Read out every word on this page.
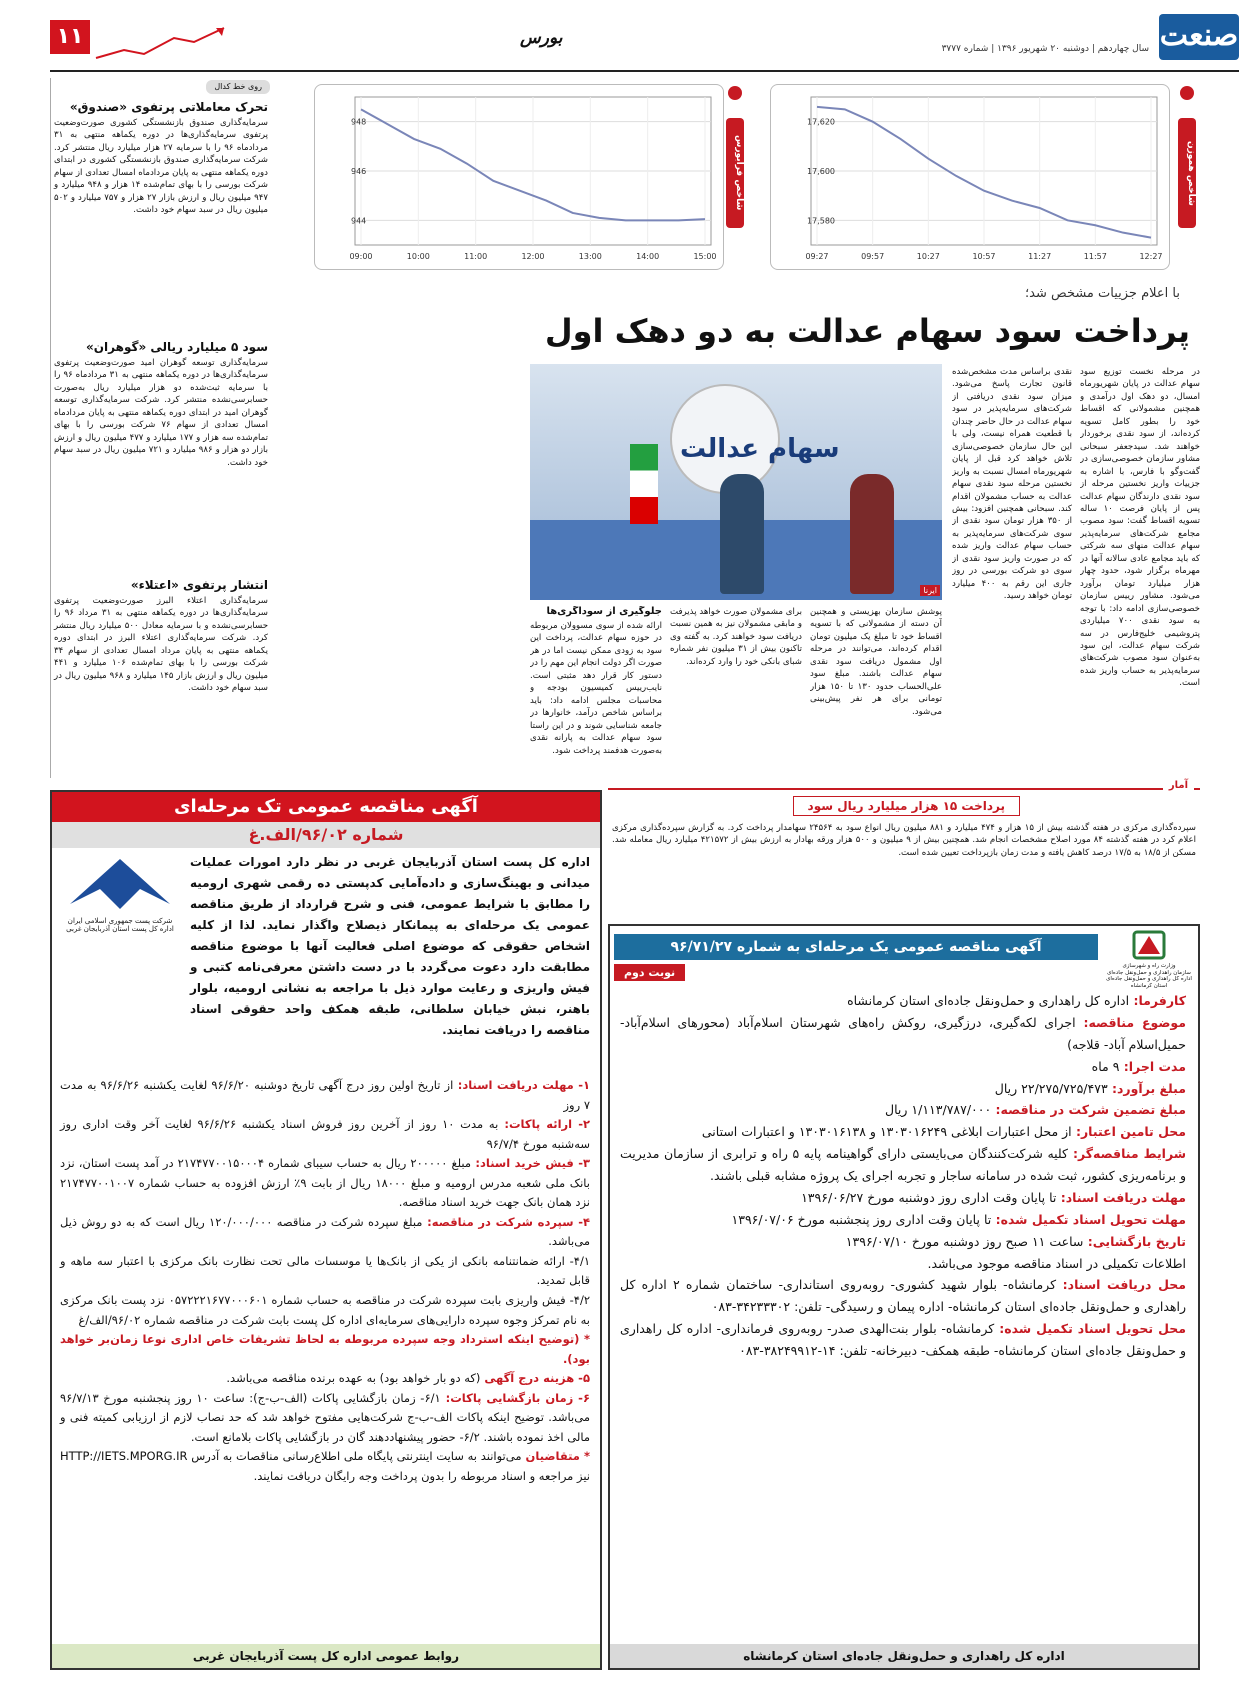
صنعت
سال چهاردهم | دوشنبه ۲۰ شهریور ۱۳۹۶ | شماره ۳۷۷۷
بورس
۱۱
948
946
944
09:00	10:00	11:00	12:00	13:00	14:00	15:00
شاخص فرابورس
17,620
17,600
17,580
09:27	09:57	10:27	10:57	11:27	11:57	12:27
شاخص هموزن
روی خط کدال
تحرک معاملاتی پرتفوی «صندوق»
سرمایه‌گذاری صندوق بازنشستگی کشوری صورت‌وضعیت پرتفوی سرمایه‌گذاری‌ها در دوره یکماهه منتهی به ۳۱ مردادماه ۹۶ را با سرمایه ۲۷ هزار میلیارد ریال منتشر کرد. شرکت سرمایه‌گذاری صندوق بازنشستگی کشوری در ابتدای دوره یکماهه منتهی به پایان مردادماه امسال تعدادی از سهام شرکت بورسی را با بهای تمام‌شده ۱۴ هزار و ۹۴۸ میلیارد و ۹۴۷ میلیون ریال و ارزش بازار ۲۷ هزار و ۷۵۷ میلیارد و ۵۰۲ میلیون ریال در سبد سهام خود داشت.
سود ۵ میلیارد ریالی «گوهران»
سرمایه‌گذاری توسعه گوهران امید صورت‌وضعیت پرتفوی سرمایه‌گذاری‌ها در دوره یکماهه منتهی به ۳۱ مردادماه ۹۶ را با سرمایه ثبت‌شده دو هزار میلیارد ریال به‌صورت حسابرسی‌نشده منتشر کرد. شرکت سرمایه‌گذاری توسعه گوهران امید در ابتدای دوره یکماهه منتهی به پایان مردادماه امسال تعدادی از سهام ۷۶ شرکت بورسی را با بهای تمام‌شده سه هزار و ۱۷۷ میلیارد و ۴۷۷ میلیون ریال و ارزش بازار دو هزار و ۹۸۶ میلیارد و ۷۲۱ میلیون ریال در سبد سهام خود داشت.
انتشار پرتفوی «اعتلاء»
سرمایه‌گذاری اعتلاء البرز صورت‌وضعیت پرتفوی سرمایه‌گذاری‌ها در دوره یکماهه منتهی به ۳۱ مرداد ۹۶ را حسابرسی‌نشده و با سرمایه معادل ۵۰۰ میلیارد ریال منتشر کرد. شرکت سرمایه‌گذاری اعتلاء البرز در ابتدای دوره یکماهه منتهی به پایان مرداد امسال تعدادی از سهام ۳۴ شرکت بورسی را با بهای تمام‌شده ۱۰۶ میلیارد و ۴۴۱ میلیون ریال و ارزش بازار ۱۴۵ میلیارد و ۹۶۸ میلیون ریال در سبد سهام خود داشت.
با اعلام جزییات مشخص شد؛
پرداخت سود سهام عدالت به دو دهک اول
در مرحله نخست توزیع سود سهام عدالت در پایان شهریورماه امسال، دو دهک اول درآمدی و همچنین مشمولانی که اقساط خود را بطور کامل تسویه کرده‌اند، از سود نقدی برخوردار خواهند شد. سیدجعفر سبحانی مشاور سازمان خصوصی‌سازی در گفت‌وگو با فارس، با اشاره به جزییات واریز نخستین مرحله از سود نقدی دارندگان سهام عدالت پس از پایان فرصت ۱۰ ساله تسویه اقساط گفت: سود مصوب مجامع شرکت‌های سرمایه‌پذیر سهام عدالت منهای سه شرکتی که باید مجامع عادی سالانه آنها در مهرماه برگزار شود، حدود چهار هزار میلیارد تومان برآورد می‌شود. مشاور رییس سازمان خصوصی‌سازی ادامه داد: با توجه به سود نقدی ۷۰۰ میلیاردی پتروشیمی خلیج‌فارس در سه شرکت سهام عدالت، این سود به‌عنوان سود مصوب شرکت‌های سرمایه‌پذیر به حساب واریز شده است.
نقدی براساس مدت مشخص‌شده قانون تجارت پاسخ می‌شود. میزان سود نقدی دریافتی از شرکت‌های سرمایه‌پذیر در سود سهام عدالت در حال حاضر چندان با قطعیت همراه نیست، ولی با این حال سازمان خصوصی‌سازی تلاش خواهد کرد قبل از پایان شهریورماه امسال نسبت به واریز نخستین مرحله سود نقدی سهام عدالت به حساب مشمولان اقدام کند. سبحانی همچنین افزود: بیش از ۳۵۰ هزار تومان سود نقدی از سوی شرکت‌های سرمایه‌پذیر به حساب سهام عدالت واریز شده که در صورت واریز سود نقدی از سوی دو شرکت بورسی در روز جاری این رقم به ۴۰۰ میلیارد تومان خواهد رسید.
سهام عدالت
ایرنا
پوشش سازمان بهزیستی و همچنین آن دسته از مشمولانی که با تسویه اقساط خود تا مبلغ یک میلیون تومان اقدام کرده‌اند، می‌توانند در مرحله اول مشمول دریافت سود نقدی سهام عدالت باشند. مبلغ سود علی‌الحساب حدود ۱۳۰ تا ۱۵۰ هزار تومانی برای هر نفر پیش‌بینی می‌شود.
برای مشمولان صورت خواهد پذیرفت و مابقی مشمولان نیز به همین نسبت دریافت سود خواهند کرد. به گفته وی تاکنون بیش از ۳۱ میلیون نفر شماره شبای بانکی خود را وارد کرده‌اند.
جلوگیری از سوداگری‌ها
ارائه شده از سوی مسوولان مربوطه در حوزه سهام عدالت، پرداخت این سود به زودی ممکن نیست اما در هر صورت اگر دولت انجام این مهم را در دستور کار قرار دهد مثبتی است. نایب‌رییس کمیسیون بودجه و محاسبات مجلس ادامه داد: باید براساس شاخص درآمد، خانوارها در جامعه شناسایی شوند و در این راستا سود سهام عدالت به پارانه نقدی به‌صورت هدفمند پرداخت شود.
آمار
پرداخت ۱۵ هزار میلیارد ریال سود
سپرده‌گذاری مرکزی در هفته گذشته بیش از ۱۵ هزار و ۴۷۴ میلیارد و ۸۸۱ میلیون ریال انواع سود به ۲۴۵۶۴ سهامدار پرداخت کرد. به گزارش سپرده‌گذاری مرکزی اعلام کرد در هفته گذشته ۸۴ مورد اصلاح مشخصات انجام شد. همچنین بیش از ۹ میلیون و ۵۰۰ هزار ورقه بهادار به ارزش بیش از ۴۲۱۵۷۲ میلیارد ریال معامله شد. مسکن از ۱۸/۵ به ۱۷/۵ درصد کاهش یافته و مدت زمان بازپرداخت تعیین شده است.
آگهی مناقصه عمومی تک مرحله‌ای
شماره ۹۶/۰۲/الف.غ
شرکت پست جمهوری اسلامی ایران
اداره کل پست استان آذربایجان غربی
اداره کل پست استان آذربایجان غربی در نظر دارد امورات عملیات میدانی و بهینگ‌سازی و داده‌آمایی کدپستی ده رقمی شهری ارومیه را مطابق با شرایط عمومی، فنی و شرح قرارداد از طریق مناقصه عمومی یک مرحله‌ای به پیمانکار ذیصلاح واگذار نماید. لذا از کلیه اشخاص حقوقی که موضوع اصلی فعالیت آنها با موضوع مناقصه مطابقت دارد دعوت می‌گردد با در دست داشتن معرفی‌نامه کتبی و فیش واریزی و رعایت موارد ذیل با مراجعه به نشانی ارومیه، بلوار باهنر، نبش خیابان سلطانی، طبقه همکف واحد حقوقی اسناد مناقصه را دریافت نمایند.
۱- مهلت دریافت اسناد: از تاریخ اولین روز درج آگهی تاریخ دوشنبه ۹۶/۶/۲۰ لغایت یکشنبه ۹۶/۶/۲۶ به مدت ۷ روز
۲- ارائه پاکات: به مدت ۱۰ روز از آخرین روز فروش اسناد یکشنبه ۹۶/۶/۲۶ لغایت آخر وقت اداری روز سه‌شنبه مورخ ۹۶/۷/۴
۳- فیش خرید اسناد: مبلغ ۲۰۰۰۰۰ ریال به حساب سیبای شماره ۲۱۷۴۷۷۰۰۱۵۰۰۰۴ در آمد پست استان، نزد بانک ملی شعبه مدرس ارومیه و مبلغ ۱۸۰۰۰ ریال از بابت ۹٪ ارزش افزوده به حساب شماره ۲۱۷۴۷۷۰۰۱۰۰۷ نزد همان بانک جهت خرید اسناد مناقصه.
۴- سپرده شرکت در مناقصه: مبلغ سپرده شرکت در مناقصه ۱۲۰/۰۰۰/۰۰۰ ریال است که به دو روش ذیل می‌باشد.
۴/۱- ارائه ضمانتنامه بانکی از یکی از بانک‌ها یا موسسات مالی تحت نظارت بانک مرکزی با اعتبار سه ماهه و قابل تمدید.
۴/۲- فیش واریزی بابت سپرده شرکت در مناقصه به حساب شماره ۰۵۷۲۲۲۱۶۷۷۰۰۰۶۰۱ نزد پست بانک مرکزی به نام تمرکز وجوه سپرده دارایی‌های سرمایه‌ای اداره کل پست بابت شرکت در مناقصه شماره ۹۶/۰۲/الف/غ
* (توضیح اینکه استرداد وجه سپرده مربوطه به لحاظ تشریفات خاص اداری نوعا زمان‌بر خواهد بود).
۵- هزینه درج آگهی (که دو بار خواهد بود) به عهده برنده مناقصه می‌باشد.
۶- زمان بازگشایی پاکات: ۶/۱- زمان بازگشایی پاکات (الف-ب-ج): ساعت ۱۰ روز پنجشنبه مورخ ۹۶/۷/۱۳ می‌باشد. توضیح اینکه پاکات الف-ب-ج شرکت‌هایی مفتوح خواهد شد که حد نصاب لازم از ارزیابی کمیته فنی و مالی اخذ نموده باشند. ۶/۲- حضور پیشنهاددهند گان در بازگشایی پاکات بلامانع است.
* متقاضیان می‌توانند به سایت اینترنتی پایگاه ملی اطلاع‌رسانی مناقصات به آدرس HTTP://IETS.MPORG.IR نیز مراجعه و اسناد مربوطه را بدون پرداخت وجه رایگان دریافت نمایند.
روابط عمومی اداره کل پست آذربایجان غربی
وزارت راه و شهرسازی
سازمان راهداری و حمل‌ونقل جاده‌ای
اداره کل راهداری و حمل‌ونقل جاده‌ای استان کرمانشاه
آگهی مناقصه عمومی یک مرحله‌ای به شماره ۹۶/۷۱/۲۷
نوبت دوم
کارفرما: اداره کل راهداری و حمل‌ونقل جاده‌ای استان کرمانشاه
موضوع مناقصه: اجرای لکه‌گیری، درزگیری، روکش راه‌های شهرستان اسلام‌آباد (محورهای اسلام‌آباد- حمیل‌اسلام آباد- قلاجه)
مدت اجرا: ۹ ماه
مبلغ برآورد: ۲۲/۲۷۵/۷۲۵/۴۷۳ ریال
مبلغ تضمین شرکت در مناقصه: ۱/۱۱۳/۷۸۷/۰۰۰ ریال
محل تامین اعتبار: از محل اعتبارات ابلاغی ۱۳۰۳۰۱۶۲۴۹ و ۱۳۰۳۰۱۶۱۳۸ و اعتبارات استانی
شرایط مناقصه‌گر: کلیه شرکت‌کنندگان می‌بایستی دارای گواهینامه پایه ۵ راه و ترابری از سازمان مدیریت و برنامه‌ریزی کشور، ثبت شده در سامانه ساجار و تجربه اجرای یک پروژه مشابه قبلی باشند.
مهلت دریافت اسناد: تا پایان وقت اداری روز دوشنبه مورخ ۱۳۹۶/۰۶/۲۷
مهلت تحویل اسناد تکمیل شده: تا پایان وقت اداری روز پنجشنبه مورخ ۱۳۹۶/۰۷/۰۶
تاریخ بازگشایی: ساعت ۱۱ صبح روز دوشنبه مورخ ۱۳۹۶/۰۷/۱۰
اطلاعات تکمیلی در اسناد مناقصه موجود می‌باشد.
محل دریافت اسناد: کرمانشاه- بلوار شهید کشوری- روبه‌روی استانداری- ساختمان شماره ۲ اداره کل راهداری و حمل‌ونقل جاده‌ای استان کرمانشاه- اداره پیمان و رسیدگی- تلفن: ۳۴۲۳۳۳۰۲-۰۸۳
محل تحویل اسناد تکمیل شده: کرمانشاه- بلوار بنت‌الهدی صدر- روبه‌روی فرمانداری- اداره کل راهداری و حمل‌ونقل جاده‌ای استان کرمانشاه- طبقه همکف- دبیرخانه- تلفن: ۱۴-۳۸۲۴۹۹۱۲-۰۸۳
اداره کل راهداری و حمل‌ونقل جاده‌ای استان کرمانشاه
